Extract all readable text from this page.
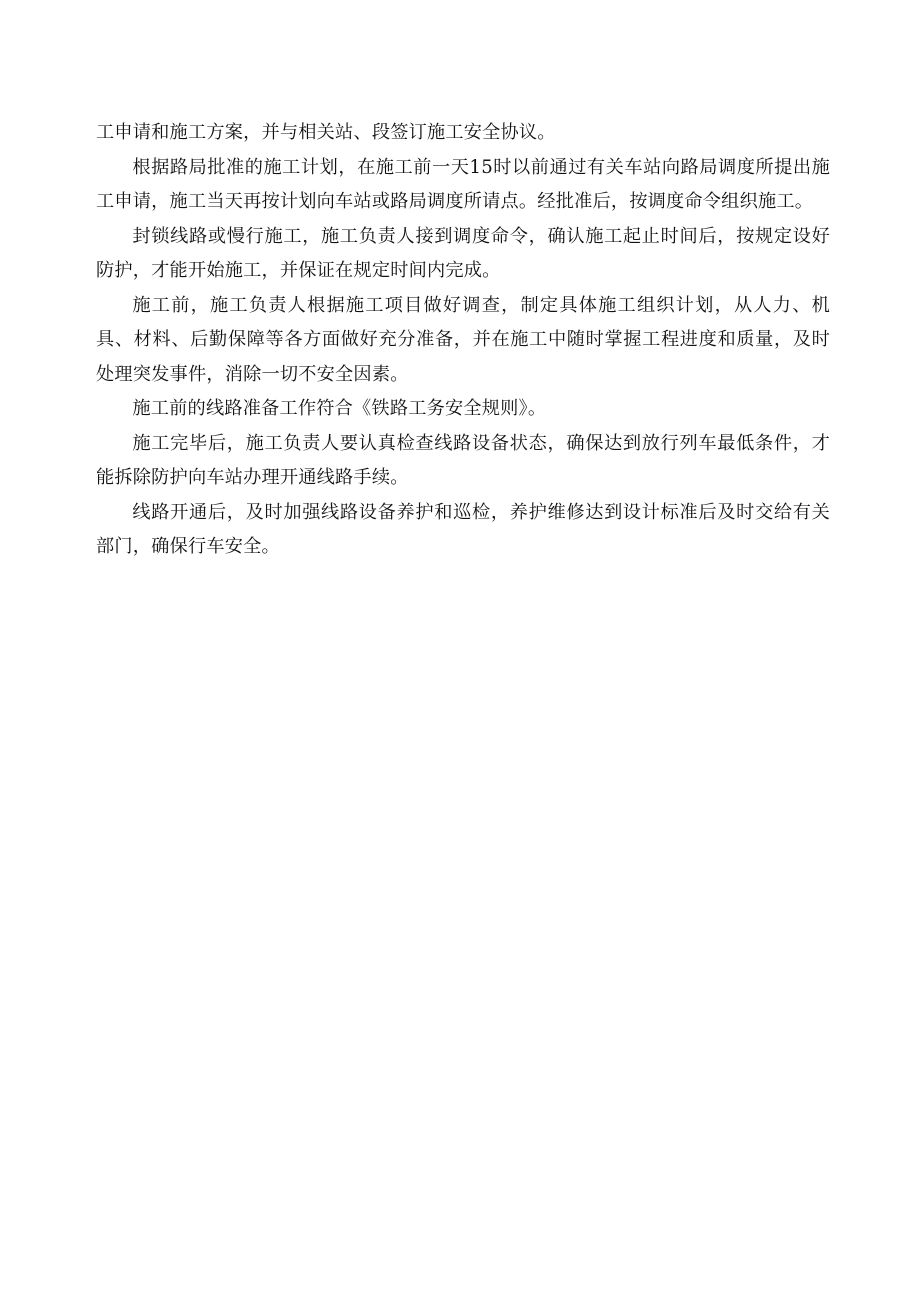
工申请和施工方案，并与相关站、段签订施工安全协议。

根据路局批准的施工计划，在施工前一天15时以前通过有关车站向路局调度所提出施工申请，施工当天再按计划向车站或路局调度所请点。经批准后，按调度命令组织施工。

封锁线路或慢行施工，施工负责人接到调度命令，确认施工起止时间后，按规定设好防护，才能开始施工，并保证在规定时间内完成。

施工前，施工负责人根据施工项目做好调查，制定具体施工组织计划，从人力、机具、材料、后勤保障等各方面做好充分准备，并在施工中随时掌握工程进度和质量，及时处理突发事件，消除一切不安全因素。

施工前的线路准备工作符合《铁路工务安全规则》。

施工完毕后，施工负责人要认真检查线路设备状态，确保达到放行列车最低条件，才能拆除防护向车站办理开通线路手续。

线路开通后，及时加强线路设备养护和巡检，养护维修达到设计标准后及时交给有关部门，确保行车安全。
